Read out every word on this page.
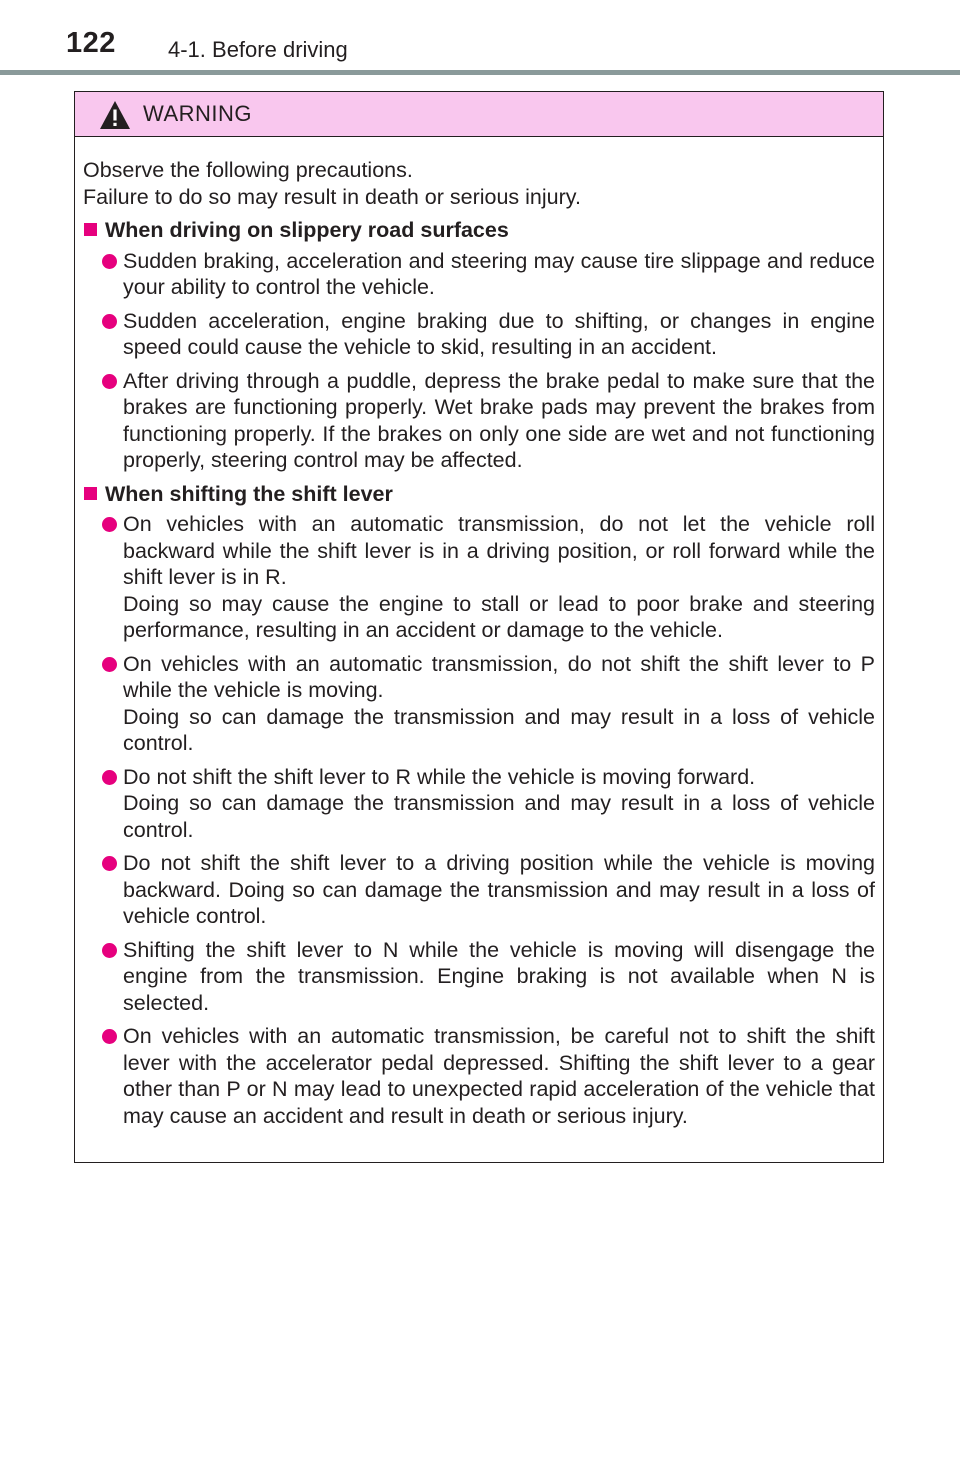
122 4-1. Before driving
WARNING

Observe the following precautions.

Failure to do so may result in death or serious injury.

When driving on slippery road surfaces

Sudden braking, acceleration and steering may cause tire slippage and reduce your ability to control the vehicle.

Sudden acceleration, engine braking due to shifting, or changes in engine speed could cause the vehicle to skid, resulting in an accident.

After driving through a puddle, depress the brake pedal to make sure that the brakes are functioning properly. Wet brake pads may prevent the brakes from functioning properly. If the brakes on only one side are wet and not functioning properly, steering control may be affected.

When shifting the shift lever

On vehicles with an automatic transmission, do not let the vehicle roll backward while the shift lever is in a driving position, or roll forward while the shift lever is in R.

Doing so may cause the engine to stall or lead to poor brake and steering performance, resulting in an accident or damage to the vehicle.

On vehicles with an automatic transmission, do not shift the shift lever to P while the vehicle is moving.

Doing so can damage the transmission and may result in a loss of vehicle control.

Do not shift the shift lever to R while the vehicle is moving forward.

Doing so can damage the transmission and may result in a loss of vehicle control.

Do not shift the shift lever to a driving position while the vehicle is moving backward. Doing so can damage the transmission and may result in a loss of vehicle control.

Shifting the shift lever to N while the vehicle is moving will disengage the engine from the transmission. Engine braking is not available when N is selected.

On vehicles with an automatic transmission, be careful not to shift the shift lever with the accelerator pedal depressed. Shifting the shift lever to a gear other than P or N may lead to unexpected rapid acceleration of the vehicle that may cause an accident and result in death or serious injury.
